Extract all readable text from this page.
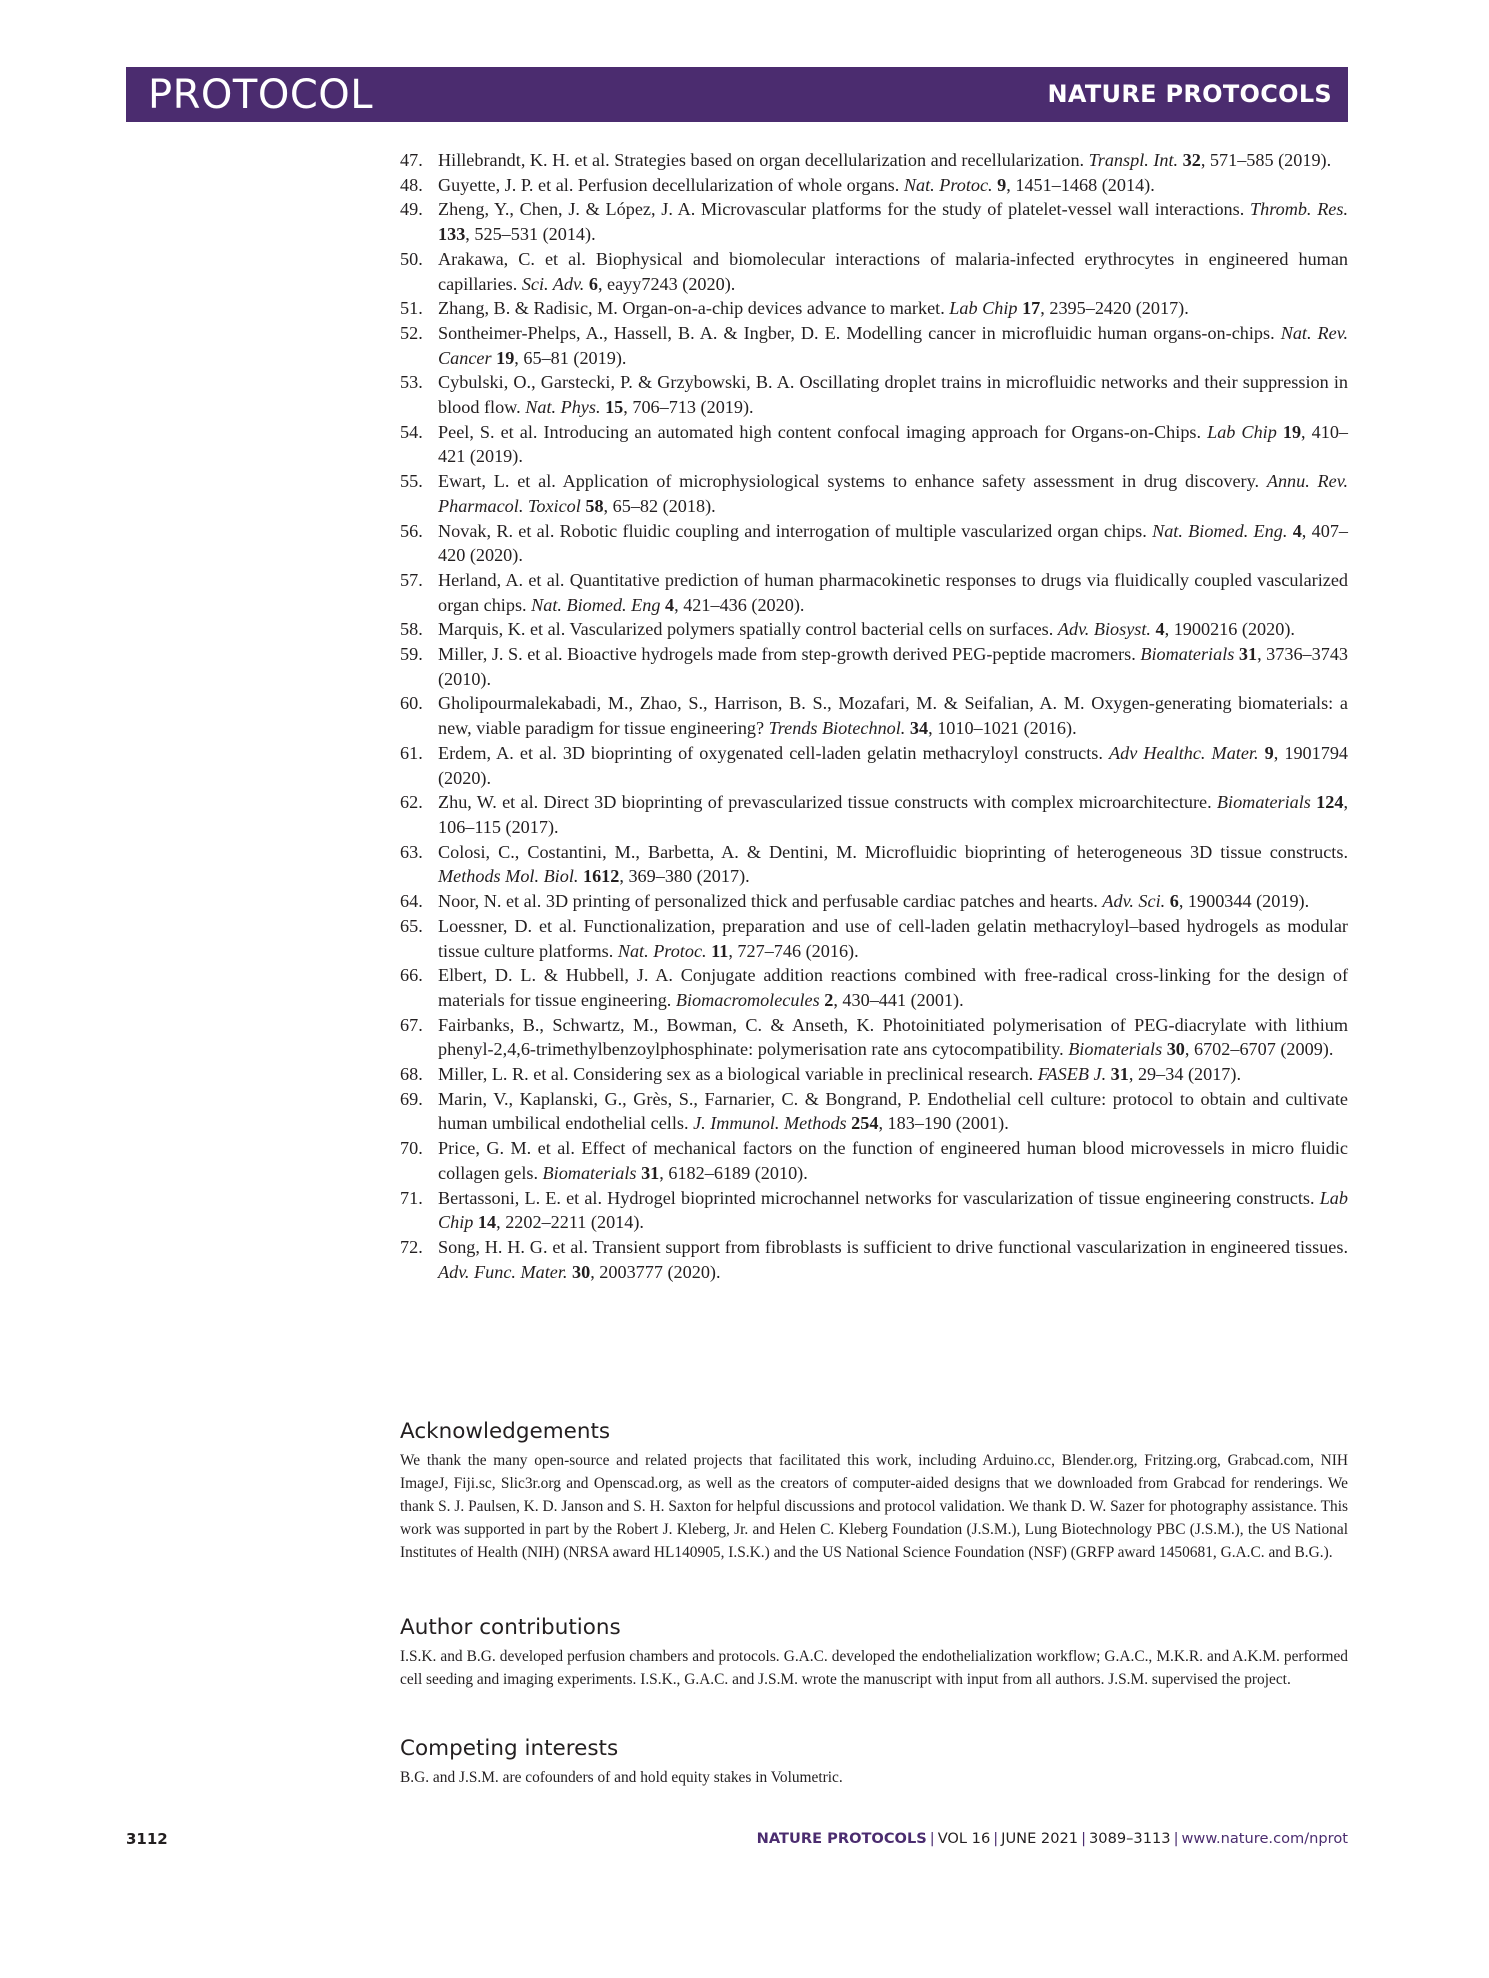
PROTOCOL	NATURE PROTOCOLS
47. Hillebrandt, K. H. et al. Strategies based on organ decellularization and recellularization. Transpl. Int. 32, 571–585 (2019).
48. Guyette, J. P. et al. Perfusion decellularization of whole organs. Nat. Protoc. 9, 1451–1468 (2014).
49. Zheng, Y., Chen, J. & López, J. A. Microvascular platforms for the study of platelet-vessel wall interactions. Thromb. Res. 133, 525–531 (2014).
50. Arakawa, C. et al. Biophysical and biomolecular interactions of malaria-infected erythrocytes in engineered human capillaries. Sci. Adv. 6, eayy7243 (2020).
51. Zhang, B. & Radisic, M. Organ-on-a-chip devices advance to market. Lab Chip 17, 2395–2420 (2017).
52. Sontheimer-Phelps, A., Hassell, B. A. & Ingber, D. E. Modelling cancer in microfluidic human organs-on-chips. Nat. Rev. Cancer 19, 65–81 (2019).
53. Cybulski, O., Garstecki, P. & Grzybowski, B. A. Oscillating droplet trains in microfluidic networks and their suppression in blood flow. Nat. Phys. 15, 706–713 (2019).
54. Peel, S. et al. Introducing an automated high content confocal imaging approach for Organs-on-Chips. Lab Chip 19, 410–421 (2019).
55. Ewart, L. et al. Application of microphysiological systems to enhance safety assessment in drug discovery. Annu. Rev. Pharmacol. Toxicol 58, 65–82 (2018).
56. Novak, R. et al. Robotic fluidic coupling and interrogation of multiple vascularized organ chips. Nat. Biomed. Eng. 4, 407–420 (2020).
57. Herland, A. et al. Quantitative prediction of human pharmacokinetic responses to drugs via fluidically coupled vascularized organ chips. Nat. Biomed. Eng 4, 421–436 (2020).
58. Marquis, K. et al. Vascularized polymers spatially control bacterial cells on surfaces. Adv. Biosyst. 4, 1900216 (2020).
59. Miller, J. S. et al. Bioactive hydrogels made from step-growth derived PEG-peptide macromers. Biomaterials 31, 3736–3743 (2010).
60. Gholipourmalekabadi, M., Zhao, S., Harrison, B. S., Mozafari, M. & Seifalian, A. M. Oxygen-generating biomaterials: a new, viable paradigm for tissue engineering? Trends Biotechnol. 34, 1010–1021 (2016).
61. Erdem, A. et al. 3D bioprinting of oxygenated cell-laden gelatin methacryloyl constructs. Adv Healthc. Mater. 9, 1901794 (2020).
62. Zhu, W. et al. Direct 3D bioprinting of prevascularized tissue constructs with complex microarchitecture. Biomaterials 124, 106–115 (2017).
63. Colosi, C., Costantini, M., Barbetta, A. & Dentini, M. Microfluidic bioprinting of heterogeneous 3D tissue constructs. Methods Mol. Biol. 1612, 369–380 (2017).
64. Noor, N. et al. 3D printing of personalized thick and perfusable cardiac patches and hearts. Adv. Sci. 6, 1900344 (2019).
65. Loessner, D. et al. Functionalization, preparation and use of cell-laden gelatin methacryloyl–based hydrogels as modular tissue culture platforms. Nat. Protoc. 11, 727–746 (2016).
66. Elbert, D. L. & Hubbell, J. A. Conjugate addition reactions combined with free-radical cross-linking for the design of materials for tissue engineering. Biomacromolecules 2, 430–441 (2001).
67. Fairbanks, B., Schwartz, M., Bowman, C. & Anseth, K. Photoinitiated polymerisation of PEG-diacrylate with lithium phenyl-2,4,6-trimethylbenzoylphosphinate: polymerisation rate ans cytocompatibility. Biomaterials 30, 6702–6707 (2009).
68. Miller, L. R. et al. Considering sex as a biological variable in preclinical research. FASEB J. 31, 29–34 (2017).
69. Marin, V., Kaplanski, G., Grès, S., Farnarier, C. & Bongrand, P. Endothelial cell culture: protocol to obtain and cultivate human umbilical endothelial cells. J. Immunol. Methods 254, 183–190 (2001).
70. Price, G. M. et al. Effect of mechanical factors on the function of engineered human blood microvessels in micro fluidic collagen gels. Biomaterials 31, 6182–6189 (2010).
71. Bertassoni, L. E. et al. Hydrogel bioprinted microchannel networks for vascularization of tissue engineering constructs. Lab Chip 14, 2202–2211 (2014).
72. Song, H. H. G. et al. Transient support from fibroblasts is sufficient to drive functional vascularization in engineered tissues. Adv. Func. Mater. 30, 2003777 (2020).
Acknowledgements

We thank the many open-source and related projects that facilitated this work, including Arduino.cc, Blender.org, Fritzing.org, Grabcad.com, NIH ImageJ, Fiji.sc, Slic3r.org and Openscad.org, as well as the creators of computer-aided designs that we downloaded from Grabcad for renderings. We thank S. J. Paulsen, K. D. Janson and S. H. Saxton for helpful discussions and protocol validation. We thank D. W. Sazer for photography assistance. This work was supported in part by the Robert J. Kleberg, Jr. and Helen C. Kleberg Foundation (J.S.M.), Lung Biotechnology PBC (J.S.M.), the US National Institutes of Health (NIH) (NRSA award HL140905, I.S.K.) and the US National Science Foundation (NSF) (GRFP award 1450681, G.A.C. and B.G.).

Author contributions

I.S.K. and B.G. developed perfusion chambers and protocols. G.A.C. developed the endothelialization workflow; G.A.C., M.K.R. and A.K.M. performed cell seeding and imaging experiments. I.S.K., G.A.C. and J.S.M. wrote the manuscript with input from all authors. J.S.M. supervised the project.

Competing interests

B.G. and J.S.M. are cofounders of and hold equity stakes in Volumetric.

3112	NATURE PROTOCOLS | VOL 16 | JUNE 2021 | 3089–3113 | www.nature.com/nprot
